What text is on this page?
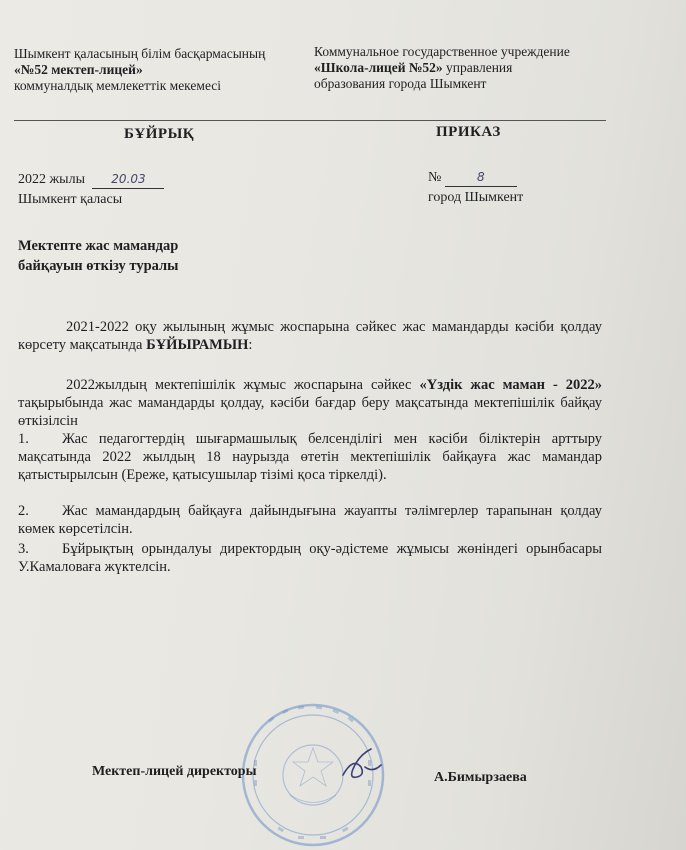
Шымкент қаласының білім басқармасының
«№52 мектеп-лицей»
коммуналдық мемлекеттік мекемесі
Коммунальное государственное учреждение
«Школа-лицей №52» управления
образования города Шымкент
БҰЙРЫҚ	ПРИКАЗ
2022 жылы 20.03
Шымкент қаласы
№	8
город Шымкент
Мектепте жас мамандар
байқауын өткізу туралы
2021-2022 оқу жылының жұмыс жоспарына сәйкес жас мамандарды кәсіби қолдау көрсету мақсатында БҰЙЫРАМЫН:
2022жылдың мектепішілік жұмыс жоспарына сәйкес «Үздік жас маман - 2022» тақырыбында жас мамандарды қолдау, кәсіби бағдар беру мақсатында мектепішілік байқау өткізілсін
1. Жас педагогтердің шығармашылық белсенділігі мен кәсіби біліктерін арттыру мақсатында 2022 жылдың 18 наурызда өтетін мектепішілік байқауға жас мамандар қатыстырылсын (Ереже, қатысушылар тізімі қоса тіркелді).
2. Жас мамандардың байқауға дайындығына жауапты тәлімгерлер тарапынан қолдау көмек көрсетілсін.
3. Бұйрықтың орындалуы директордың оқу-әдістеме жұмысы жөніндегі орынбасары У.Камаловаға жүктелсін.
Мектеп-лицей директоры	А.Бимырзаева
